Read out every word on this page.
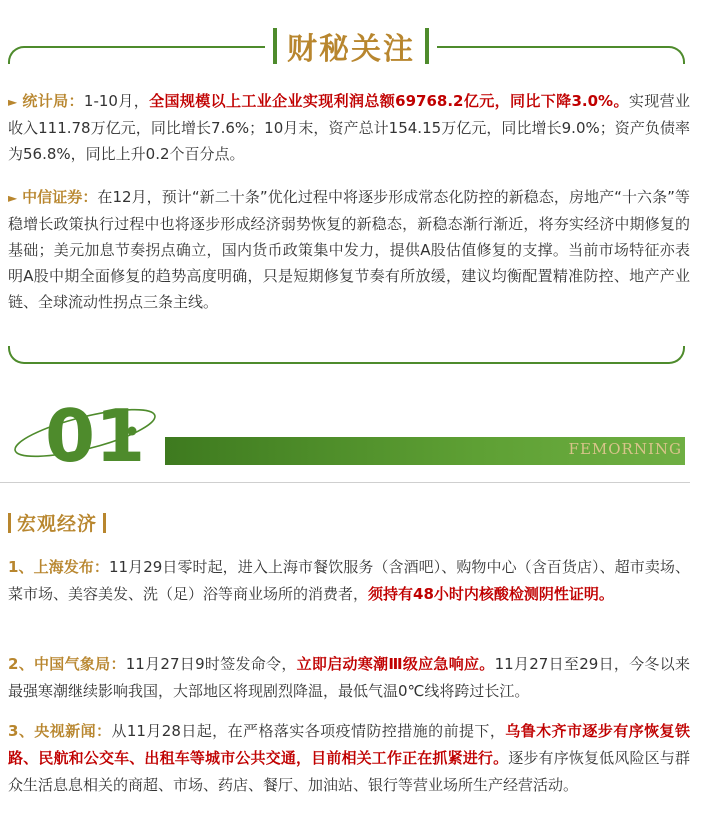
财秘关注
► 统计局：1-10月，全国规模以上工业企业实现利润总额69768.2亿元，同比下降3.0%。实现营业收入111.78万亿元，同比增长7.6%；10月末，资产总计154.15万亿元，同比增长9.0%；资产负债率为56.8%，同比上升0.2个百分点。
► 中信证券：在12月，预计“新二十条”优化过程中将逐步形成常态化防控的新稳态，房地产“十六条”等稳增长政策执行过程中也将逐步形成经济弱势恢复的新稳态，新稳态渐行渐近，将夯实经济中期修复的基础；美元加息节奏拐点确立，国内货币政策集中发力，提供A股估值修复的支撑。当前市场特征亦表明A股中期全面修复的趋势高度明确，只是短期修复节奏有所放缓，建议均衡配置精准防控、地产产业链、全球流动性拐点三条主线。
01	FEMORNING
宏观经济
1、上海发布：11月29日零时起，进入上海市餐饮服务（含酒吧）、购物中心（含百货店）、超市卖场、菜市场、美容美发、洗（足）浴等商业场所的消费者，须持有48小时内核酸检测阴性证明。
2、中国气象局：11月27日9时签发命令，立即启动寒潮Ⅲ级应急响应。11月27日至29日，今冬以来最强寒潮继续影响我国，大部地区将现剧烈降温，最低气温0℃线将跨过长江。
3、央视新闻：从11月28日起，在严格落实各项疫情防控措施的前提下，乌鲁木齐市逐步有序恢复铁路、民航和公交车、出租车等城市公共交通，目前相关工作正在抓紧进行。逐步有序恢复低风险区与群众生活息息相关的商超、市场、药店、餐厅、加油站、银行等营业场所生产经营活动。
